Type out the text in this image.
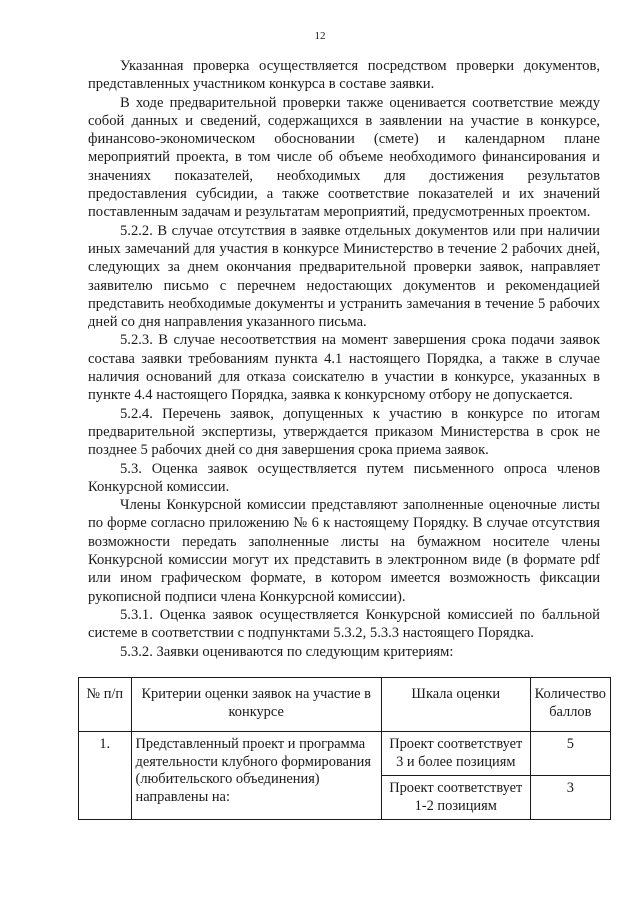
12

Указанная проверка осуществляется посредством проверки документов, представленных участником конкурса в составе заявки.

В ходе предварительной проверки также оценивается соответствие между собой данных и сведений, содержащихся в заявлении на участие в конкурсе, финансово-экономическом обосновании (смете) и календарном плане мероприятий проекта, в том числе об объеме необходимого финансирования и значениях показателей, необходимых для достижения результатов предоставления субсидии, а также соответствие показателей и их значений поставленным задачам и результатам мероприятий, предусмотренных проектом.

5.2.2. В случае отсутствия в заявке отдельных документов или при наличии иных замечаний для участия в конкурсе Министерство в течение 2 рабочих дней, следующих за днем окончания предварительной проверки заявок, направляет заявителю письмо с перечнем недостающих документов и рекомендацией представить необходимые документы и устранить замечания в течение 5 рабочих дней со дня направления указанного письма.

5.2.3. В случае несоответствия на момент завершения срока подачи заявок состава заявки требованиям пункта 4.1 настоящего Порядка, а также в случае наличия оснований для отказа соискателю в участии в конкурсе, указанных в пункте 4.4 настоящего Порядка, заявка к конкурсному отбору не допускается.

5.2.4. Перечень заявок, допущенных к участию в конкурсе по итогам предварительной экспертизы, утверждается приказом Министерства в срок не позднее 5 рабочих дней со дня завершения срока приема заявок.

5.3. Оценка заявок осуществляется путем письменного опроса членов Конкурсной комиссии.

Члены Конкурсной комиссии представляют заполненные оценочные листы по форме согласно приложению № 6 к настоящему Порядку. В случае отсутствия возможности передать заполненные листы на бумажном носителе члены Конкурсной комиссии могут их представить в электронном виде (в формате pdf или ином графическом формате, в котором имеется возможность фиксации рукописной подписи члена Конкурсной комиссии).

5.3.1. Оценка заявок осуществляется Конкурсной комиссией по балльной системе в соответствии с подпунктами 5.3.2, 5.3.3 настоящего Порядка.

5.3.2. Заявки оцениваются по следующим критериям:

№ п/п	Критерии оценки заявок на участие в конкурсе	Шкала оценки	Количество баллов
1.	Представленный проект и программа деятельности клубного формирования (любительского объединения) направлены на:	Проект соответствует 3 и более позициям	5
		Проект соответствует 1-2 позициям	3
